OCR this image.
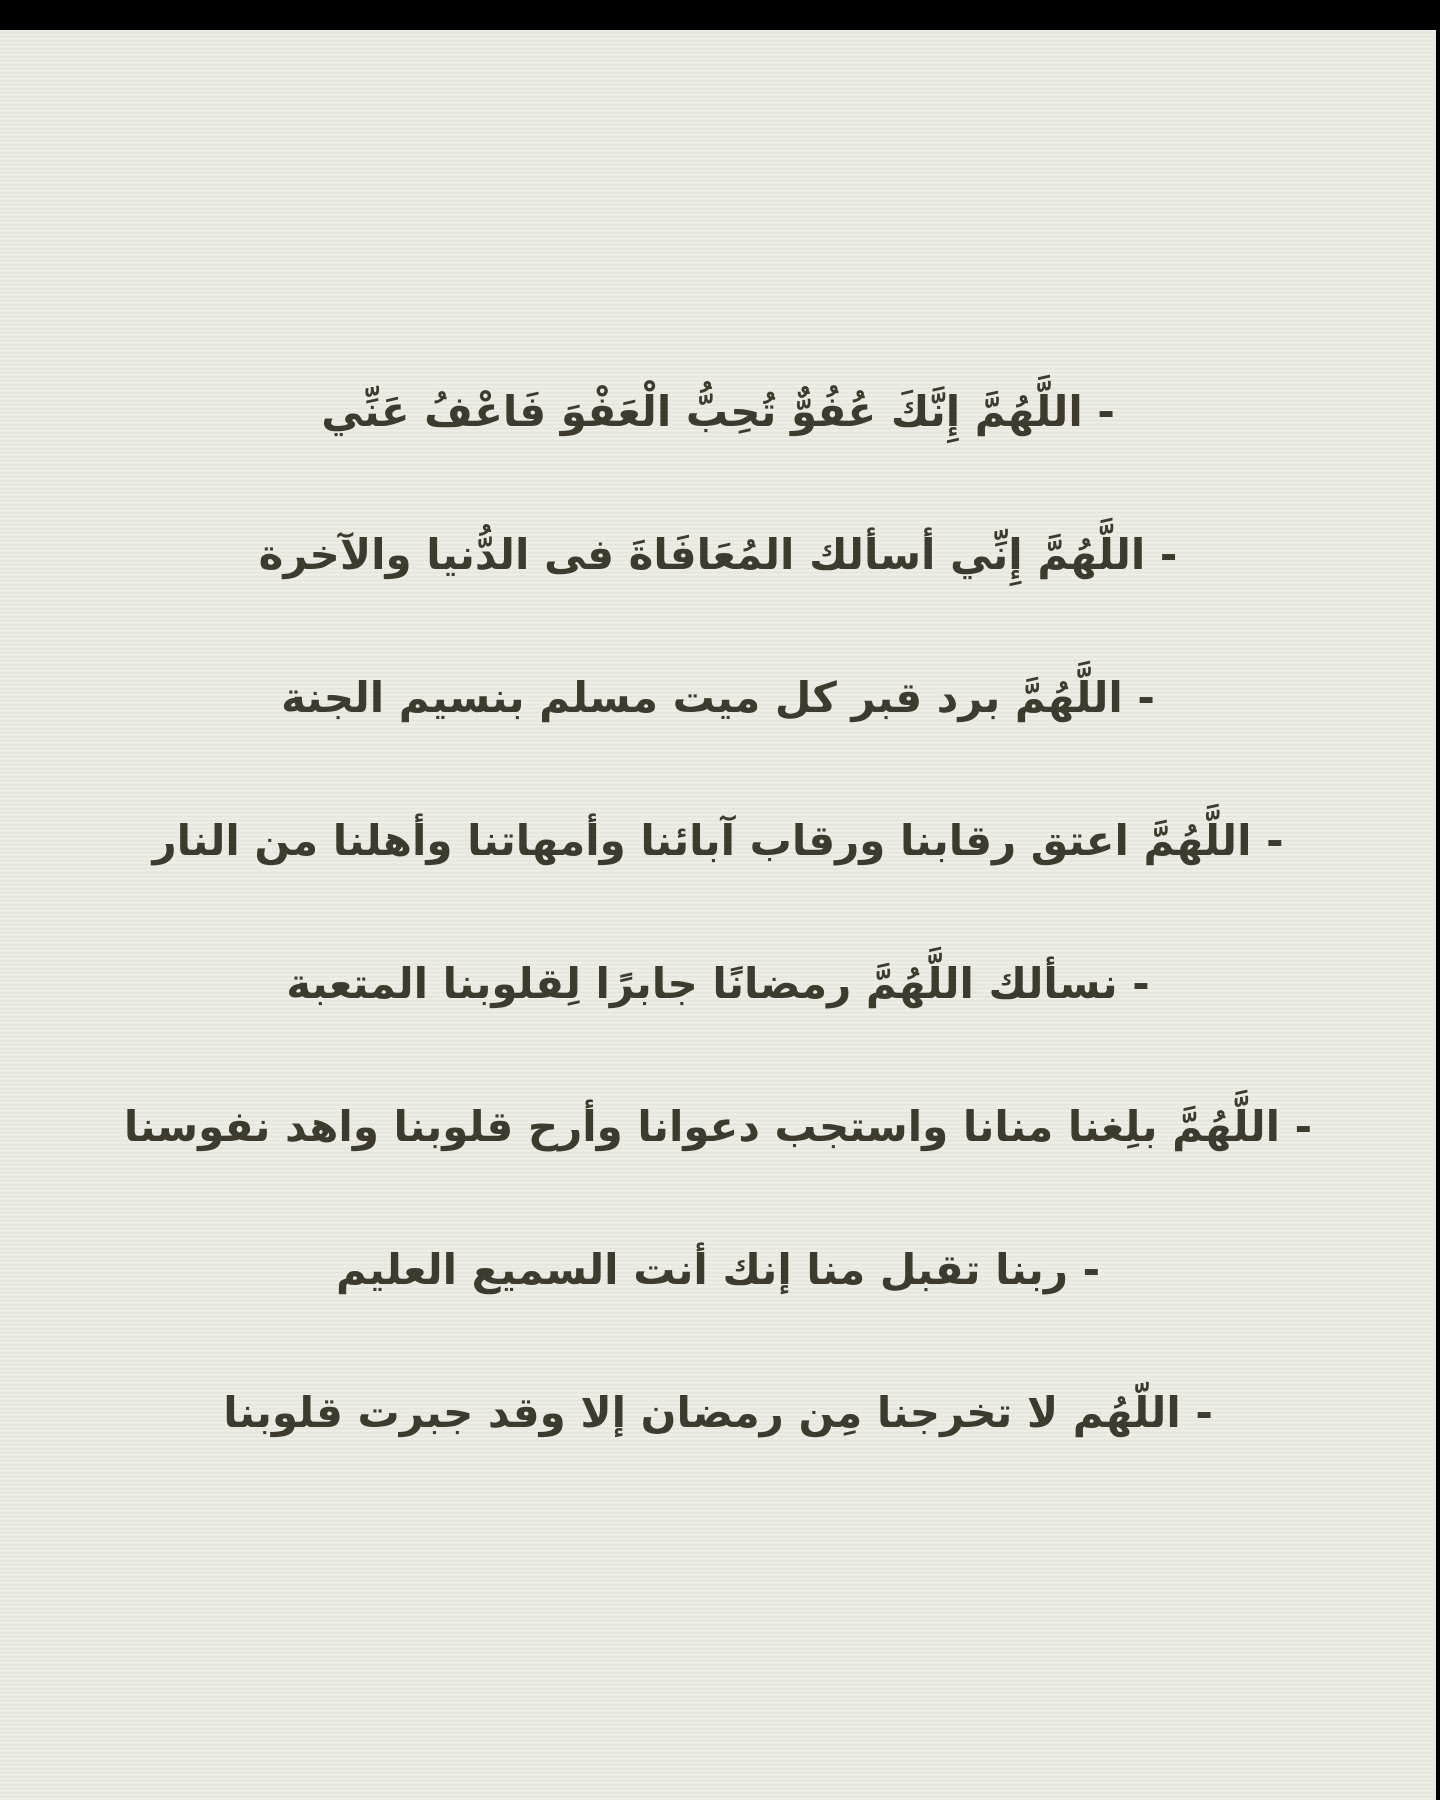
- اللَّهُمَّ إِنَّكَ عُفُوٌّ تُحِبُّ الْعَفْوَ فَاعْفُ عَنِّي
- اللَّهُمَّ إِنِّي أسألك المُعَافَاةَ فى الدُّنيا والآخرة
- اللَّهُمَّ برد قبر كل ميت مسلم بنسيم الجنة
- اللَّهُمَّ اعتق رقابنا ورقاب آبائنا وأمهاتنا وأهلنا من النار
- نسألك اللَّهُمَّ رمضانًا جابرًا لِقلوبنا المتعبة
- اللَّهُمَّ بلِغنا منانا واستجب دعوانا وأرح قلوبنا واهد نفوسنا
- ربنا تقبل منا إنك أنت السميع العليم
- اللّهُم لا تخرجنا مِن رمضان إلا وقد جبرت قلوبنا
